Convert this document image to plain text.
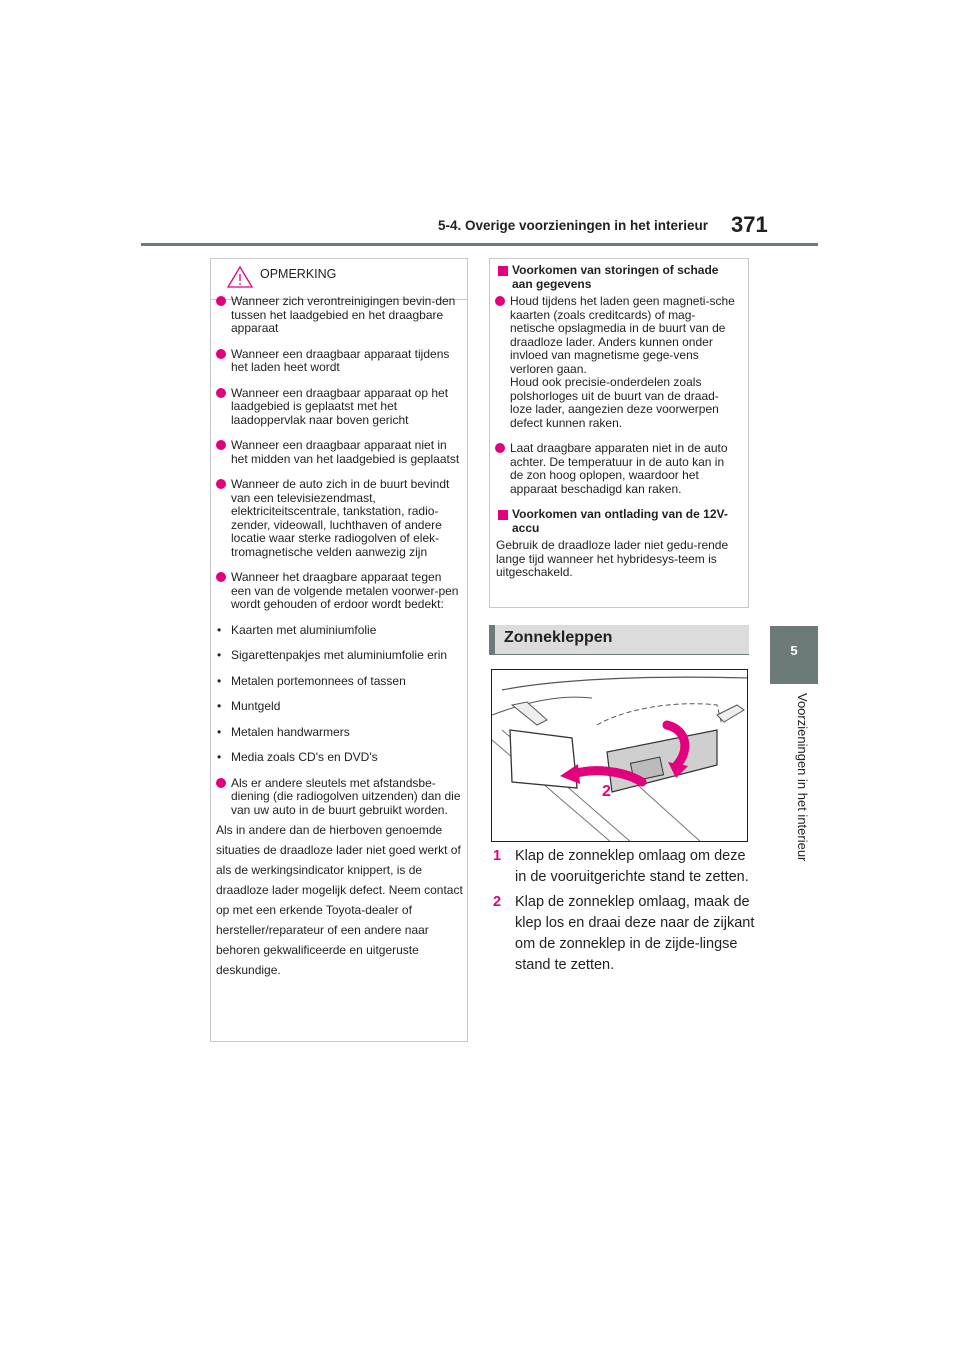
5-4. Overige voorzieningen in het interieur 371
5
Voorzieningen in het interieur
OPMERKING
Wanneer zich verontreinigingen bevin-den tussen het laadgebied en het draagbare apparaat
Wanneer een draagbaar apparaat tijdens het laden heet wordt
Wanneer een draagbaar apparaat op het laadgebied is geplaatst met het laadoppervlak naar boven gericht
Wanneer een draagbaar apparaat niet in het midden van het laadgebied is geplaatst
Wanneer de auto zich in de buurt bevindt van een televisiezendmast, elektriciteitscentrale, tankstation, radio-zender, videowall, luchthaven of andere locatie waar sterke radiogolven of elek-tromagnetische velden aanwezig zijn
Wanneer het draagbare apparaat tegen een van de volgende metalen voorwer-pen wordt gehouden of erdoor wordt bedekt:
• Kaarten met aluminiumfolie
• Sigarettenpakjes met aluminiumfolie erin
• Metalen portemonnees of tassen
• Muntgeld
• Metalen handwarmers
• Media zoals CD's en DVD's
Als er andere sleutels met afstandsbe-diening (die radiogolven uitzenden) dan die van uw auto in de buurt gebruikt worden.
Als in andere dan de hierboven genoemde situaties de draadloze lader niet goed werkt of als de werkingsindicator knippert, is de draadloze lader mogelijk defect. Neem contact op met een erkende Toyota-dealer of hersteller/reparateur of een andere naar behoren gekwalificeerde en uitgeruste deskundige.
Voorkomen van storingen of schade aan gegevens
Houd tijdens het laden geen magneti-sche kaarten (zoals creditcards) of mag-netische opslagmedia in de buurt van de draadloze lader. Anders kunnen onder invloed van magnetisme gege-vens verloren gaan.
Houd ook precisie-onderdelen zoals polshorloges uit de buurt van de draad-loze lader, aangezien deze voorwerpen defect kunnen raken.
Laat draagbare apparaten niet in de auto achter. De temperatuur in de auto kan in de zon hoog oplopen, waardoor het apparaat beschadigd kan raken.
Voorkomen van ontlading van de 12V-accu
Gebruik de draadloze lader niet gedu-rende lange tijd wanneer het hybridesys-teem is uitgeschakeld.
Zonnekleppen
1
2
1 Klap de zonneklep omlaag om deze in de vooruitgerichte stand te zetten.
2 Klap de zonneklep omlaag, maak de klep los en draai deze naar de zijkant om de zonneklep in de zijde-lingse stand te zetten.
